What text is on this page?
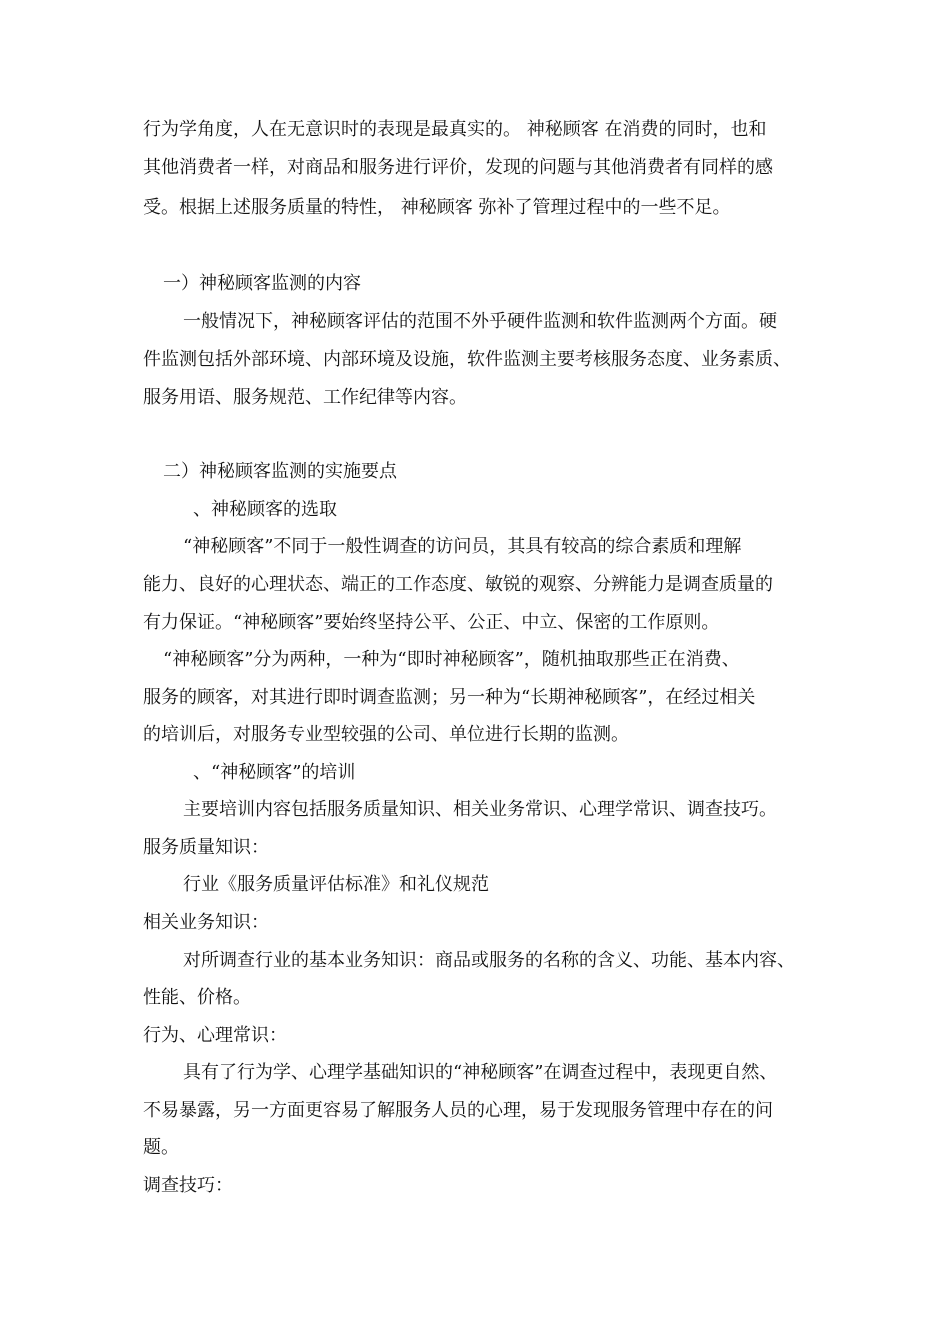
行为学角度，人在无意识时的表现是最真实的。 神秘顾客 在消费的同时，也和

其他消费者一样，对商品和服务进行评价，发现的问题与其他消费者有同样的感

受。根据上述服务质量的特性， 神秘顾客 弥补了管理过程中的一些不足。

一）神秘顾客监测的内容

一般情况下，神秘顾客评估的范围不外乎硬件监测和软件监测两个方面。硬

件监测包括外部环境、内部环境及设施，软件监测主要考核服务态度、业务素质、

服务用语、服务规范、工作纪律等内容。

二）神秘顾客监测的实施要点

、神秘顾客的选取

“神秘顾客”不同于一般性调查的访问员，其具有较高的综合素质和理解

能力、良好的心理状态、端正的工作态度、敏锐的观察、分辨能力是调查质量的

有力保证。“神秘顾客”要始终坚持公平、公正、中立、保密的工作原则。

“神秘顾客”分为两种，一种为“即时神秘顾客”，随机抽取那些正在消费、

服务的顾客，对其进行即时调查监测；另一种为“长期神秘顾客”，在经过相关

的培训后，对服务专业型较强的公司、单位进行长期的监测。

、“神秘顾客”的培训

主要培训内容包括服务质量知识、相关业务常识、心理学常识、调查技巧。

服务质量知识：

行业《服务质量评估标准》和礼仪规范

相关业务知识：

对所调查行业的基本业务知识：商品或服务的名称的含义、功能、基本内容、

性能、价格。

行为、心理常识：

具有了行为学、心理学基础知识的“神秘顾客”在调查过程中，表现更自然、

不易暴露，另一方面更容易了解服务人员的心理，易于发现服务管理中存在的问

题。

调查技巧：
